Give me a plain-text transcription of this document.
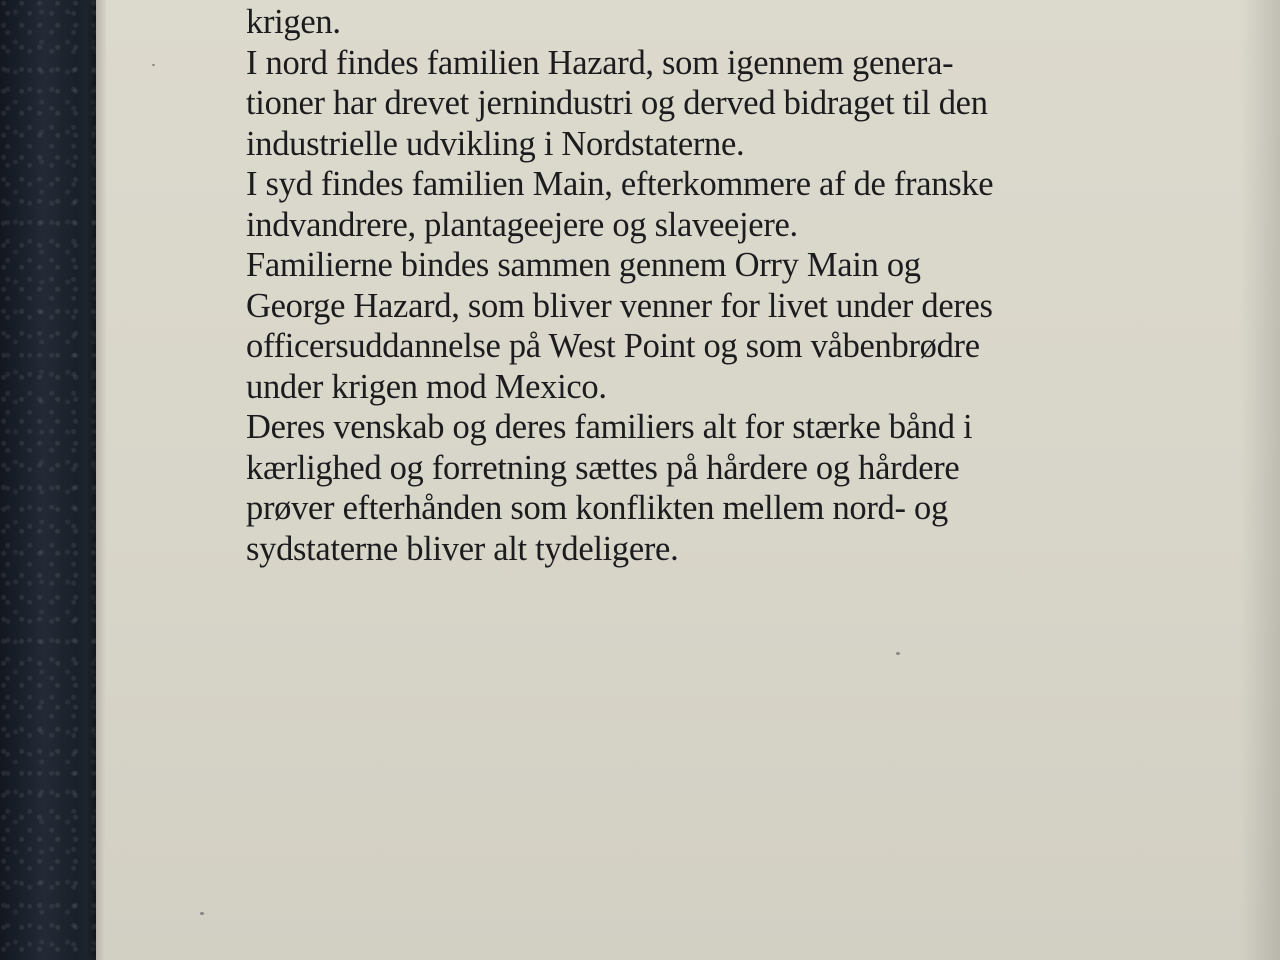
krigen.
I nord findes familien Hazard, som igennem genera-
tioner har drevet jernindustri og derved bidraget til den
industrielle udvikling i Nordstaterne.
I syd findes familien Main, efterkommere af de franske
indvandrere, plantageejere og slaveejere.
Familierne bindes sammen gennem Orry Main og
George Hazard, som bliver venner for livet under deres
officersuddannelse på West Point og som våbenbrødre
under krigen mod Mexico.
Deres venskab og deres familiers alt for stærke bånd i
kærlighed og forretning sættes på hårdere og hårdere
prøver efterhånden som konflikten mellem nord- og
sydstaterne bliver alt tydeligere.
